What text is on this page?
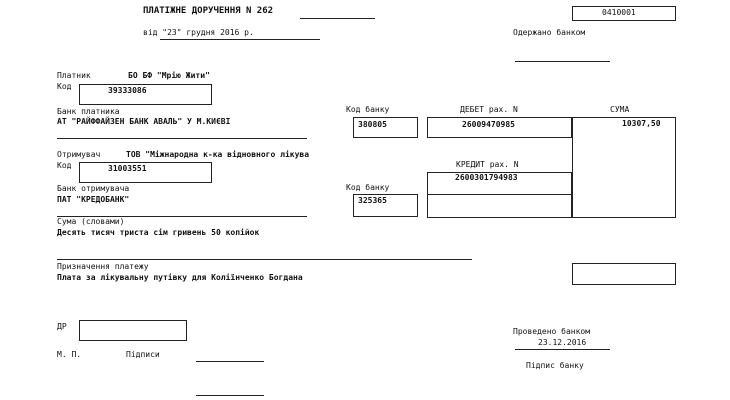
ПЛАТІЖНЕ ДОРУЧЕННЯ N 262	0410001
від "23" грудня 2016 р.	Одержано банком
Платник	БО БФ "Мрію Жити"
Код	39333086
Банк платника
АТ "РАЙФФАЙЗЕН БАНК АВАЛЬ" У М.КИЄВІ
Код банку
380805
ДЕБЕТ рах. N
26009470985
СУМА
10307,50
Отримувач	ТОВ "Міжнародна к-ка відновного лікува
Код	31003551	КРЕДИТ рах. N
2600301794983
Банк отримувача
ПАТ "КРЕДОБАНК"
Код банку
325365
Сума (словами)
Десять тисяч триста сім гривень 50 копійок
Призначення платежу
Плата за лікувальну путівку для Коліїнченко Богдана
ДР
М. П.	Підписи
Проведено банком
23.12.2016
Підпис банку
